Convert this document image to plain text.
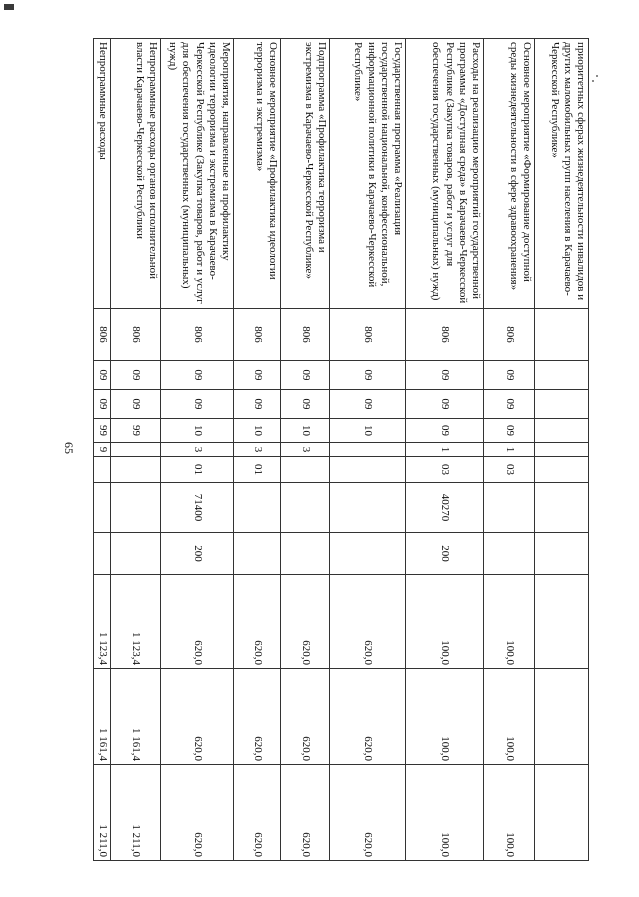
65
приоритетных сферах жизнедеятельности инвалидов и других маломобильных групп населения в Карачаево-Черкесской Республике»											
Основное мероприятие «Формирование доступной среды жизнедеятельности в сфере здравоохранения»	806	09	09	09	1	03			100,0	100,0	100,0
Расходы на реализацию мероприятий государственной программы «Доступная среда» в Карачаево-Черкесской Республике (Закупка товаров, работ и услуг для обеспечения государственных (муниципальных) нужд)	806	09	09	09	1	03	40270	200	100,0	100,0	100,0
Государственная программа «Реализация государственной национальной, конфессиональной, информационной политики в Карачаево-Черкесской Республике»	806	09	09	10					620,0	620,0	620,0
Подпрограмма «Профилактика терроризма и экстремизма в Карачаево-Черкесской Республике»	806	09	09	10	3				620,0	620,0	620,0
Основное мероприятие «Профилактика идеологии терроризма и экстремизма»	806	09	09	10	3	01			620,0	620,0	620,0
Мероприятия, направленные на профилактику идеологии терроризма и экстремизма в Карачаево-Черкесской Республике (Закупка товаров, работ и услуг для обеспечения государственных (муниципальных) нужд)	806	09	09	10	3	01	71400	200	620,0	620,0	620,0
Непрограммные расходы органов исполнительной власти Карачаево-Черкесской Республики	806	09	09	99					1 123,4	1 161,4	1 211,0
Непрограммные расходы	806	09	09	99	9				1 123,4	1 161,4	1 211,0
